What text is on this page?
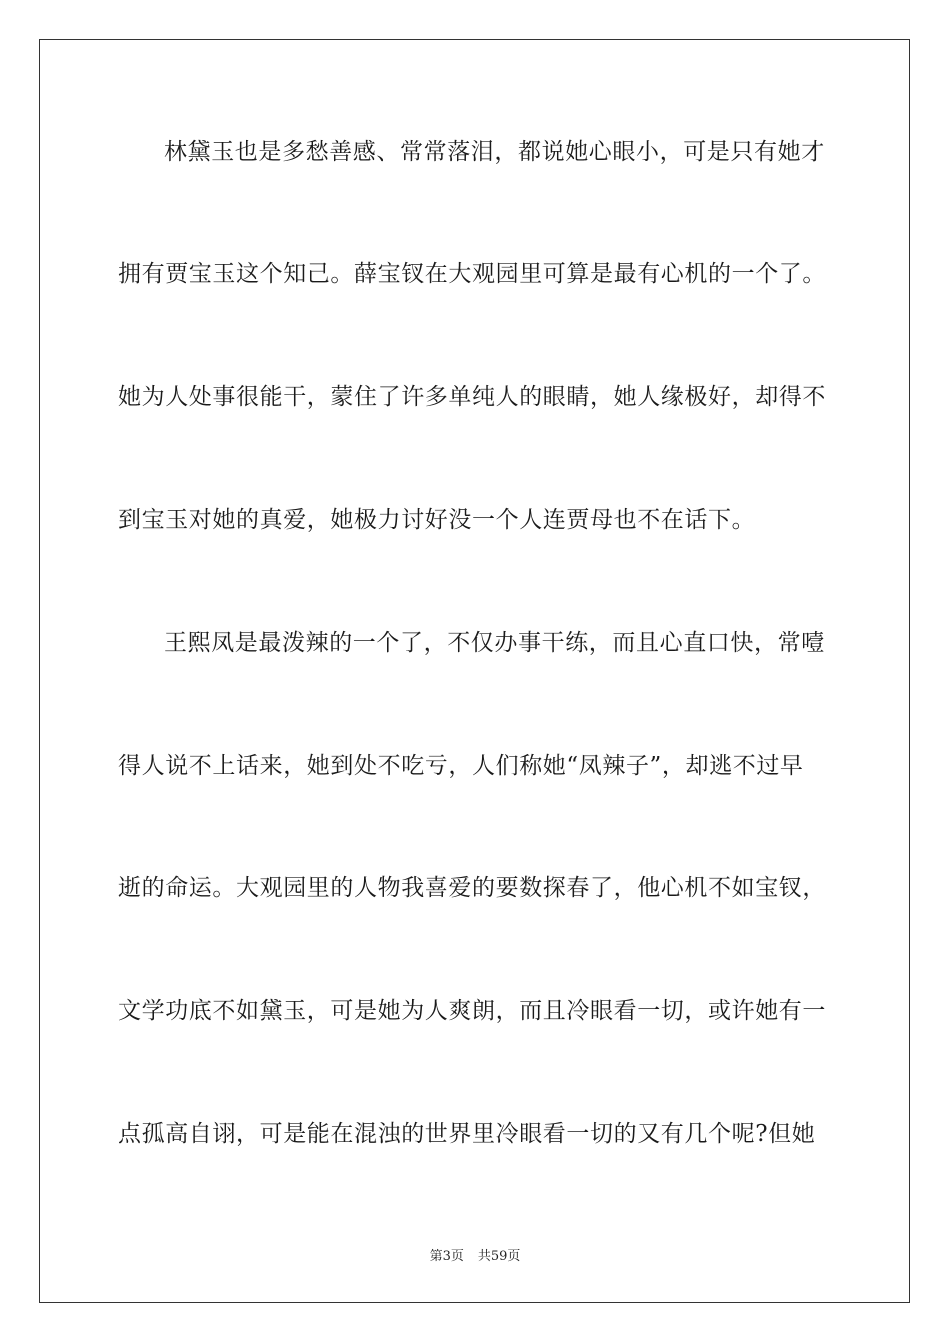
林黛玉也是多愁善感、常常落泪，都说她心眼小，可是只有她才
拥有贾宝玉这个知己。薛宝钗在大观园里可算是最有心机的一个了。
她为人处事很能干，蒙住了许多单纯人的眼睛，她人缘极好，却得不
到宝玉对她的真爱，她极力讨好没一个人连贾母也不在话下。
王熙凤是最泼辣的一个了，不仅办事干练，而且心直口快，常噎
得人说不上话来，她到处不吃亏，人们称她“凤辣子”，却逃不过早
逝的命运。大观园里的人物我喜爱的要数探春了，他心机不如宝钗，
文学功底不如黛玉，可是她为人爽朗，而且冷眼看一切，或许她有一
点孤高自诩，可是能在混浊的世界里冷眼看一切的又有几个呢?但她
第3页 共59页
